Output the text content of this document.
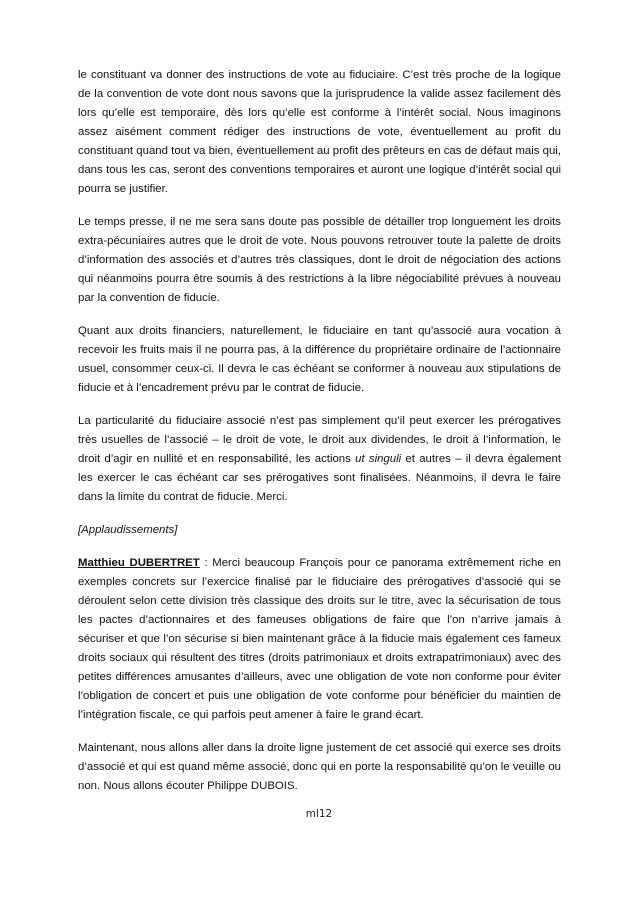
le constituant va donner des instructions de vote au fiduciaire. C’est très proche de la logique de la convention de vote dont nous savons que la jurisprudence la valide assez facilement dès lors qu’elle est temporaire, dès lors qu’elle est conforme à l’intérêt social. Nous imaginons assez aisément comment rédiger des instructions de vote, éventuellement au profit du constituant quand tout va bien, éventuellement au profit des prêteurs en cas de défaut mais qui, dans tous les cas, seront des conventions temporaires et auront une logique d’intérêt social qui pourra se justifier.

Le temps presse, il ne me sera sans doute pas possible de détailler trop longuement les droits extra-pécuniaires autres que le droit de vote. Nous pouvons retrouver toute la palette de droits d’information des associés et d’autres très classiques, dont le droit de négociation des actions qui néanmoins pourra être soumis à des restrictions à la libre négociabilité prévues à nouveau par la convention de fiducie.

Quant aux droits financiers, naturellement, le fiduciaire en tant qu’associé aura vocation à recevoir les fruits mais il ne pourra pas, à la différence du propriétaire ordinaire de l’actionnaire usuel, consommer ceux-ci. Il devra le cas échéant se conformer à nouveau aux stipulations de fiducie et à l’encadrement prévu par le contrat de fiducie.

La particularité du fiduciaire associé n’est pas simplement qu’il peut exercer les prérogatives très usuelles de l’associé – le droit de vote, le droit aux dividendes, le droit à l’information, le droit d’agir en nullité et en responsabilité, les actions ut singuli et autres – il devra également les exercer le cas échéant car ses prérogatives sont finalisées. Néanmoins, il devra le faire dans la limite du contrat de fiducie. Merci.

[Applaudissements]

Matthieu DUBERTRET : Merci beaucoup François pour ce panorama extrêmement riche en exemples concrets sur l’exercice finalisé par le fiduciaire des prérogatives d’associé qui se déroulent selon cette division très classique des droits sur le titre, avec la sécurisation de tous les pactes d’actionnaires et des fameuses obligations de faire que l’on n’arrive jamais à sécuriser et que l’on sécurise si bien maintenant grâce à la fiducie mais également ces fameux droits sociaux qui résultent des titres (droits patrimoniaux et droits extrapatrimoniaux) avec des petites différences amusantes d’ailleurs, avec une obligation de vote non conforme pour éviter l’obligation de concert et puis une obligation de vote conforme pour bénéficier du maintien de l’intégration fiscale, ce qui parfois peut amener à faire le grand écart.

Maintenant, nous allons aller dans la droite ligne justement de cet associé qui exerce ses droits d’associé et qui est quand même associé, donc qui en porte la responsabilité qu’on le veuille ou non. Nous allons écouter Philippe DUBOIS.

ml12
